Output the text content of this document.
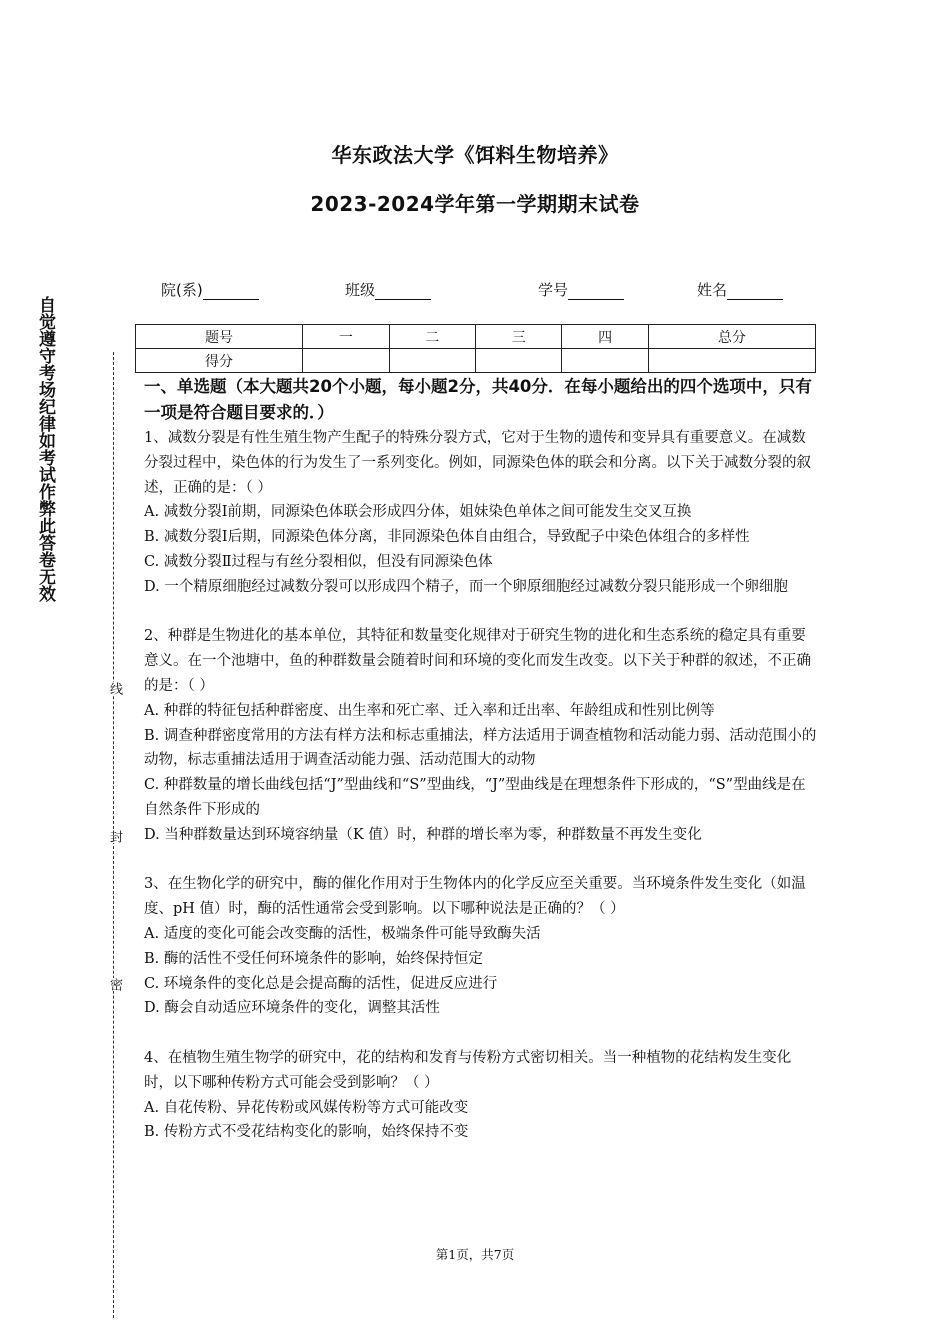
华东政法大学《饵料生物培养》
2023-2024学年第一学期期末试卷
院(系)	班级	学号	姓名
题号	一	二	三	四	总分
得分					
自觉遵守考场纪律如考试作弊此答卷无效
线
封
密

一、单选题（本大题共20个小题，每小题2分，共40分．在每小题给出的四个选项中，只有一项是符合题目要求的．）

1、减数分裂是有性生殖生物产生配子的特殊分裂方式，它对于生物的遗传和变异具有重要意义。在减数分裂过程中，染色体的行为发生了一系列变化。例如，同源染色体的联会和分离。以下关于减数分裂的叙述，正确的是：（ ）

A. 减数分裂Ⅰ前期，同源染色体联会形成四分体，姐妹染色单体之间可能发生交叉互换

B. 减数分裂Ⅰ后期，同源染色体分离，非同源染色体自由组合，导致配子中染色体组合的多样性

C. 减数分裂Ⅱ过程与有丝分裂相似，但没有同源染色体

D. 一个精原细胞经过减数分裂可以形成四个精子，而一个卵原细胞经过减数分裂只能形成一个卵细胞

2、种群是生物进化的基本单位，其特征和数量变化规律对于研究生物的进化和生态系统的稳定具有重要意义。在一个池塘中，鱼的种群数量会随着时间和环境的变化而发生改变。以下关于种群的叙述，不正确的是：（ ）

A. 种群的特征包括种群密度、出生率和死亡率、迁入率和迁出率、年龄组成和性别比例等

B. 调查种群密度常用的方法有样方法和标志重捕法，样方法适用于调查植物和活动能力弱、活动范围小的动物，标志重捕法适用于调查活动能力强、活动范围大的动物

C. 种群数量的增长曲线包括“J”型曲线和“S”型曲线，“J”型曲线是在理想条件下形成的，“S”型曲线是在自然条件下形成的

D. 当种群数量达到环境容纳量（K 值）时，种群的增长率为零，种群数量不再发生变化

3、在生物化学的研究中，酶的催化作用对于生物体内的化学反应至关重要。当环境条件发生变化（如温度、pH 值）时，酶的活性通常会受到影响。以下哪种说法是正确的？（ ）

A. 适度的变化可能会改变酶的活性，极端条件可能导致酶失活

B. 酶的活性不受任何环境条件的影响，始终保持恒定

C. 环境条件的变化总是会提高酶的活性，促进反应进行

D. 酶会自动适应环境条件的变化，调整其活性

4、在植物生殖生物学的研究中，花的结构和发育与传粉方式密切相关。当一种植物的花结构发生变化时，以下哪种传粉方式可能会受到影响？（ ）

A. 自花传粉、异花传粉或风媒传粉等方式可能改变

B. 传粉方式不受花结构变化的影响，始终保持不变

第1页，共7页
